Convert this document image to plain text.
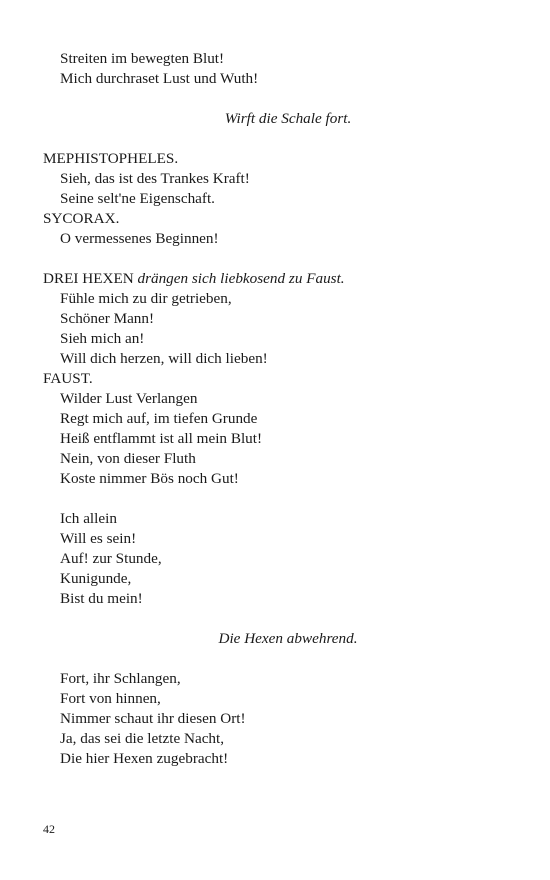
Streiten im bewegten Blut!
Mich durchraset Lust und Wuth!
Wirft die Schale fort.
MEPHISTOPHELES.
Sieh, das ist des Trankes Kraft!
Seine selt'ne Eigenschaft.
SYCORAX.
O vermessenes Beginnen!
DREI HEXEN drängen sich liebkosend zu Faust.
Fühle mich zu dir getrieben,
Schöner Mann!
Sieh mich an!
Will dich herzen, will dich lieben!
FAUST.
Wilder Lust Verlangen
Regt mich auf, im tiefen Grunde
Heiß entflammt ist all mein Blut!
Nein, von dieser Fluth
Koste nimmer Bös noch Gut!
Ich allein
Will es sein!
Auf! zur Stunde,
Kunigunde,
Bist du mein!
Die Hexen abwehrend.
Fort, ihr Schlangen,
Fort von hinnen,
Nimmer schaut ihr diesen Ort!
Ja, das sei die letzte Nacht,
Die hier Hexen zugebracht!
42
